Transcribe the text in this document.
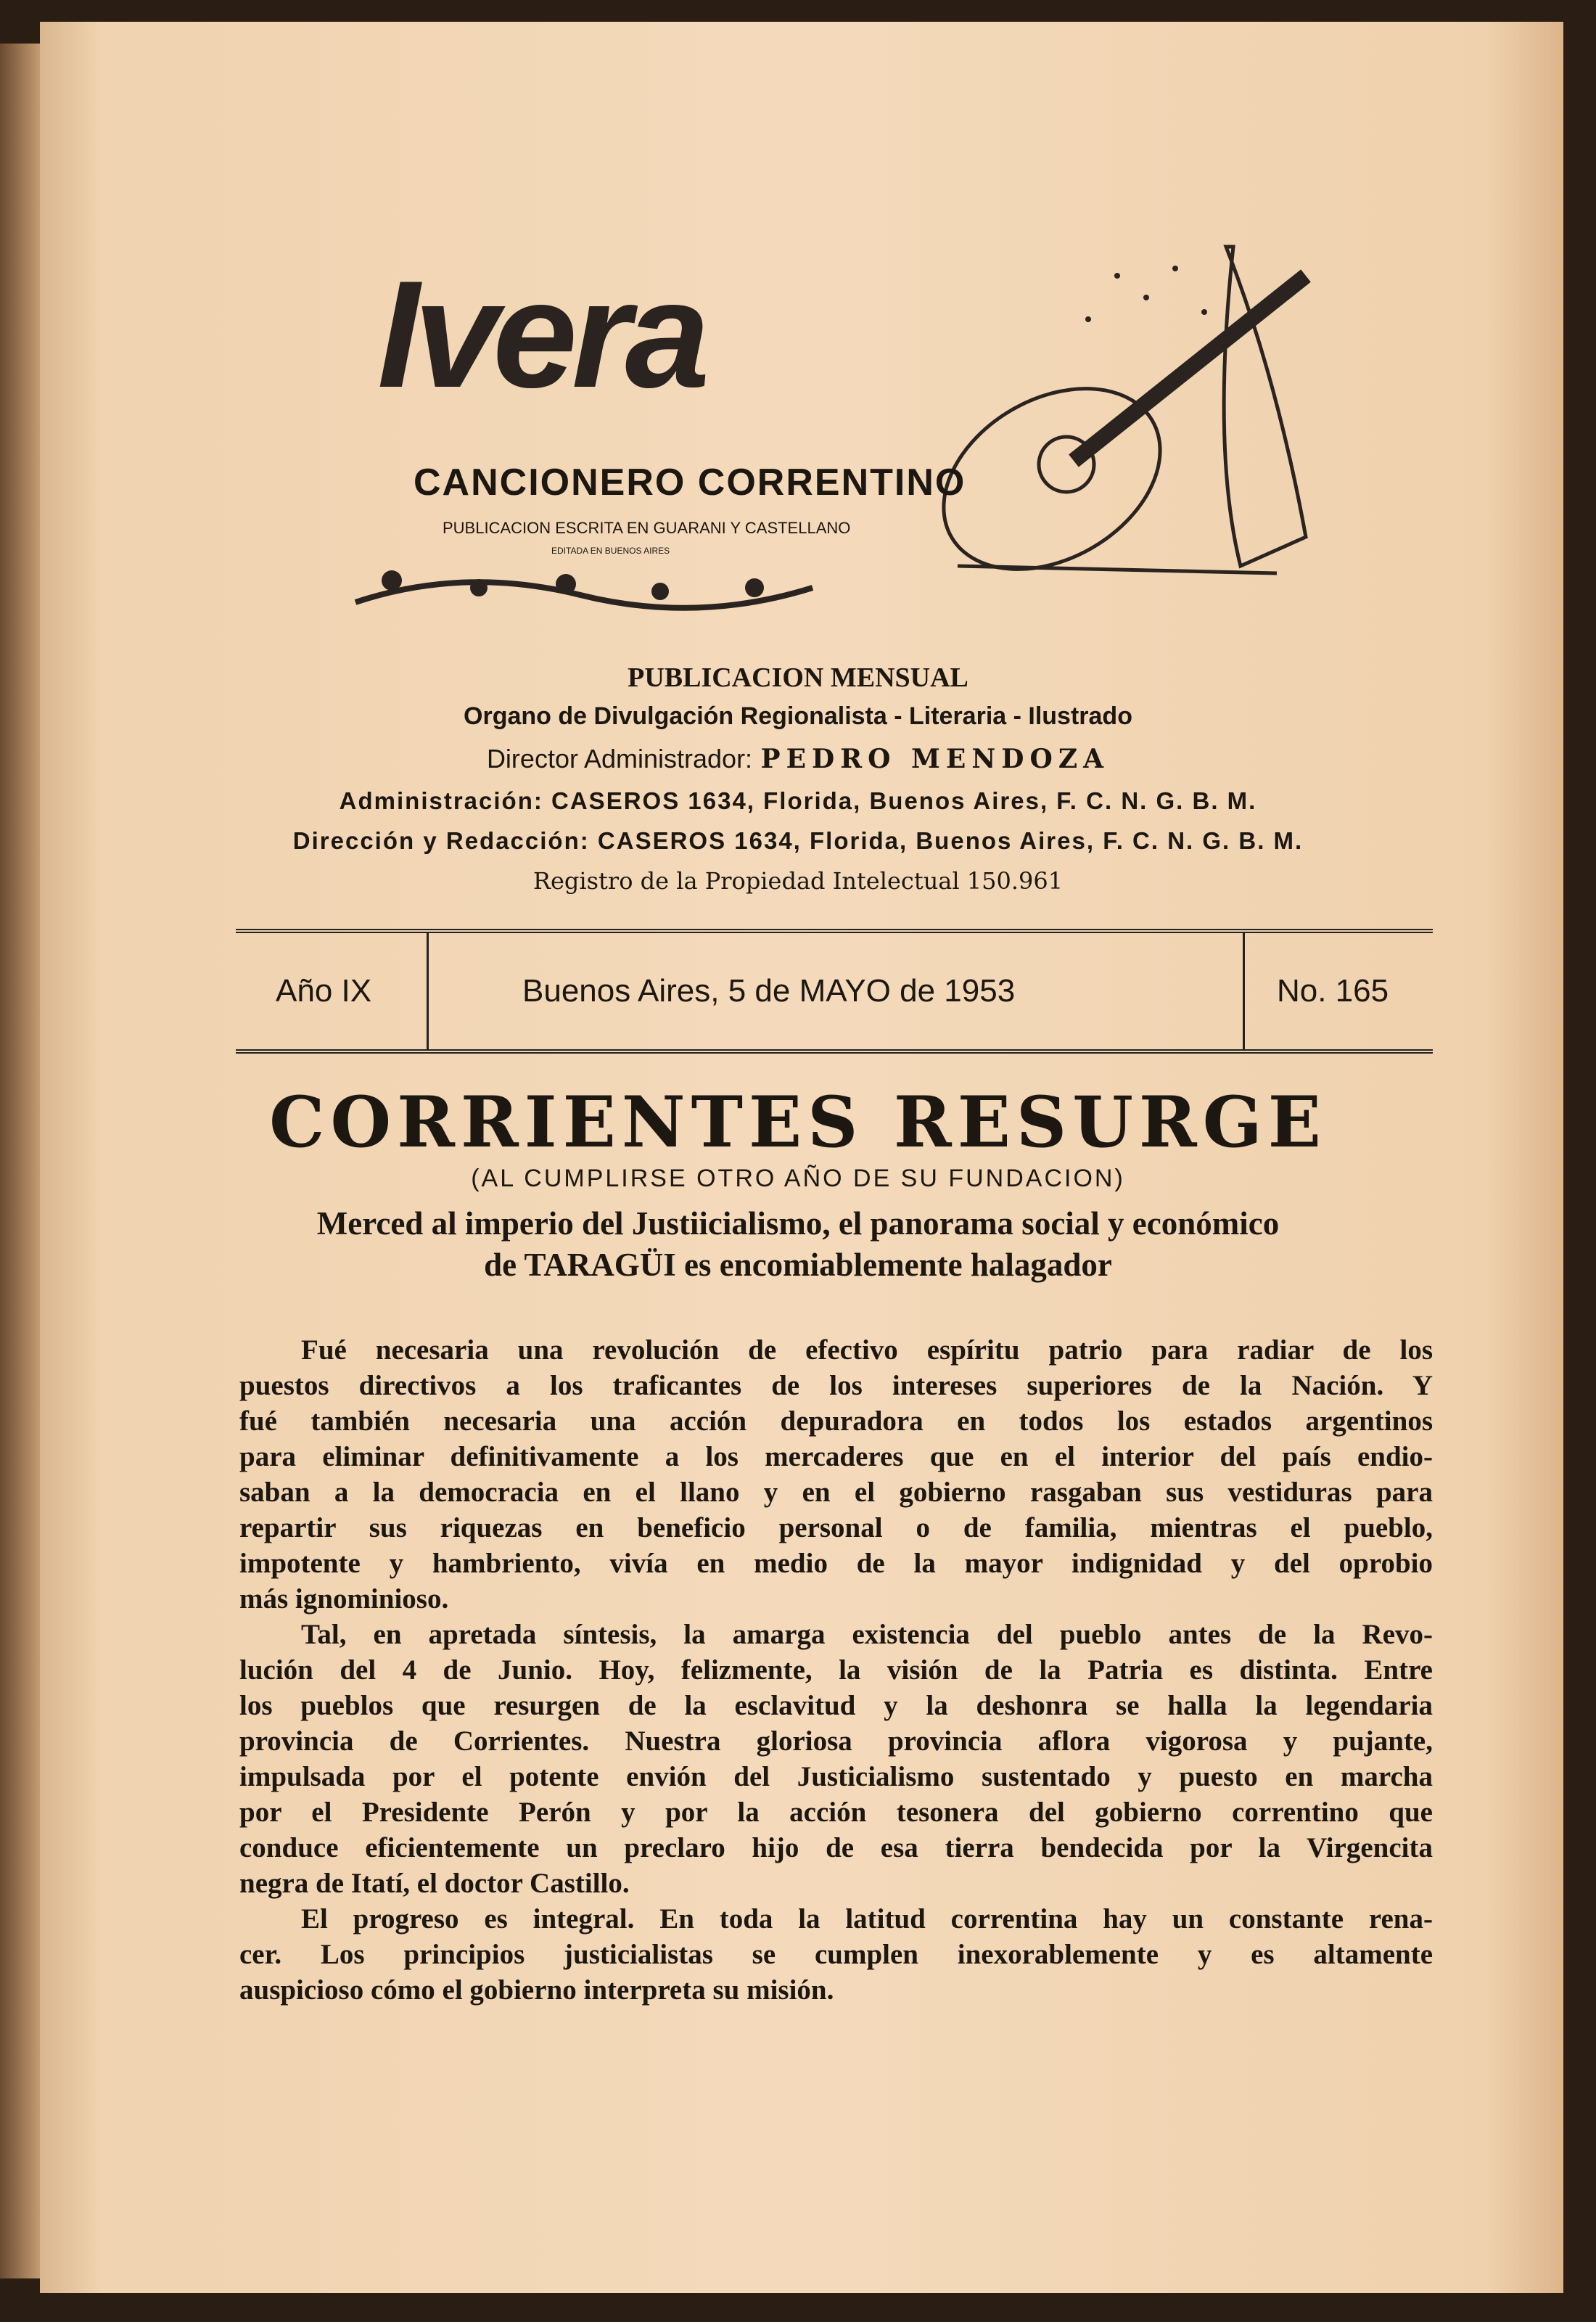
Ivera
CANCIONERO CORRENTINO
PUBLICACION ESCRITA EN GUARANI Y CASTELLANO
EDITADA EN BUENOS AIRES
PUBLICACION MENSUAL
Organo de Divulgación Regionalista - Literaria - Ilustrado
Director Administrador: PEDRO MENDOZA
Administración: CASEROS 1634, Florida, Buenos Aires, F. C. N. G. B. M.
Dirección y Redacción: CASEROS 1634, Florida, Buenos Aires, F. C. N. G. B. M.
Registro de la Propiedad Intelectual 150.961
Año IX	Buenos Aires, 5 de MAYO de 1953	No. 165
CORRIENTES RESURGE
(AL CUMPLIRSE OTRO AÑO DE SU FUNDACION)
Merced al imperio del Justiicialismo, el panorama social y económico
de TARAGÜI es encomiablemente halagador
Fué necesaria una revolución de efectivo espíritu patrio para radiar de los
puestos directivos a los traficantes de los intereses superiores de la Nación. Y
fué también necesaria una acción depuradora en todos los estados argentinos
para eliminar definitivamente a los mercaderes que en el interior del país endio-
saban a la democracia en el llano y en el gobierno rasgaban sus vestiduras para
repartir sus riquezas en beneficio personal o de familia, mientras el pueblo,
impotente y hambriento, vivía en medio de la mayor indignidad y del oprobio
más ignominioso.
Tal, en apretada síntesis, la amarga existencia del pueblo antes de la Revo-
lución del 4 de Junio. Hoy, felizmente, la visión de la Patria es distinta. Entre
los pueblos que resurgen de la esclavitud y la deshonra se halla la legendaria
provincia de Corrientes. Nuestra gloriosa provincia aflora vigorosa y pujante,
impulsada por el potente envión del Justicialismo sustentado y puesto en marcha
por el Presidente Perón y por la acción tesonera del gobierno correntino que
conduce eficientemente un preclaro hijo de esa tierra bendecida por la Virgencita
negra de Itatí, el doctor Castillo.
El progreso es integral. En toda la latitud correntina hay un constante rena-
cer. Los principios justicialistas se cumplen inexorablemente y es altamente
auspicioso cómo el gobierno interpreta su misión.
